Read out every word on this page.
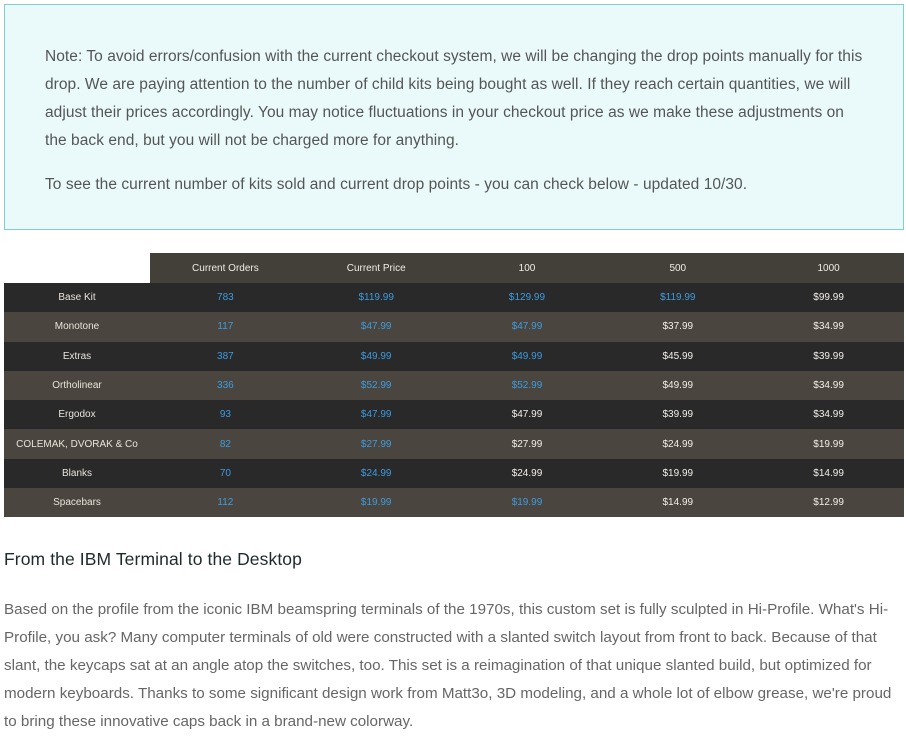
Note: To avoid errors/confusion with the current checkout system, we will be changing the drop points manually for this drop. We are paying attention to the number of child kits being bought as well. If they reach certain quantities, we will adjust their prices accordingly. You may notice fluctuations in your checkout price as we make these adjustments on the back end, but you will not be charged more for anything.

To see the current number of kits sold and current drop points - you can check below - updated 10/30.

	Current Orders	Current Price	100	500	1000
Base Kit	783	$119.99	$129.99	$119.99	$99.99
Monotone	117	$47.99	$47.99	$37.99	$34.99
Extras	387	$49.99	$49.99	$45.99	$39.99
Ortholinear	336	$52.99	$52.99	$49.99	$34.99
Ergodox	93	$47.99	$47.99	$39.99	$34.99
COLEMAK, DVORAK & Co	82	$27.99	$27.99	$24.99	$19.99
Blanks	70	$24.99	$24.99	$19.99	$14.99
Spacebars	112	$19.99	$19.99	$14.99	$12.99
From the IBM Terminal to the Desktop

Based on the profile from the iconic IBM beamspring terminals of the 1970s, this custom set is fully sculpted in Hi-Profile. What's Hi-Profile, you ask? Many computer terminals of old were constructed with a slanted switch layout from front to back. Because of that slant, the keycaps sat at an angle atop the switches, too. This set is a reimagination of that unique slanted build, but optimized for modern keyboards. Thanks to some significant design work from Matt3o, 3D modeling, and a whole lot of elbow grease, we're proud to bring these innovative caps back in a brand-new colorway.
